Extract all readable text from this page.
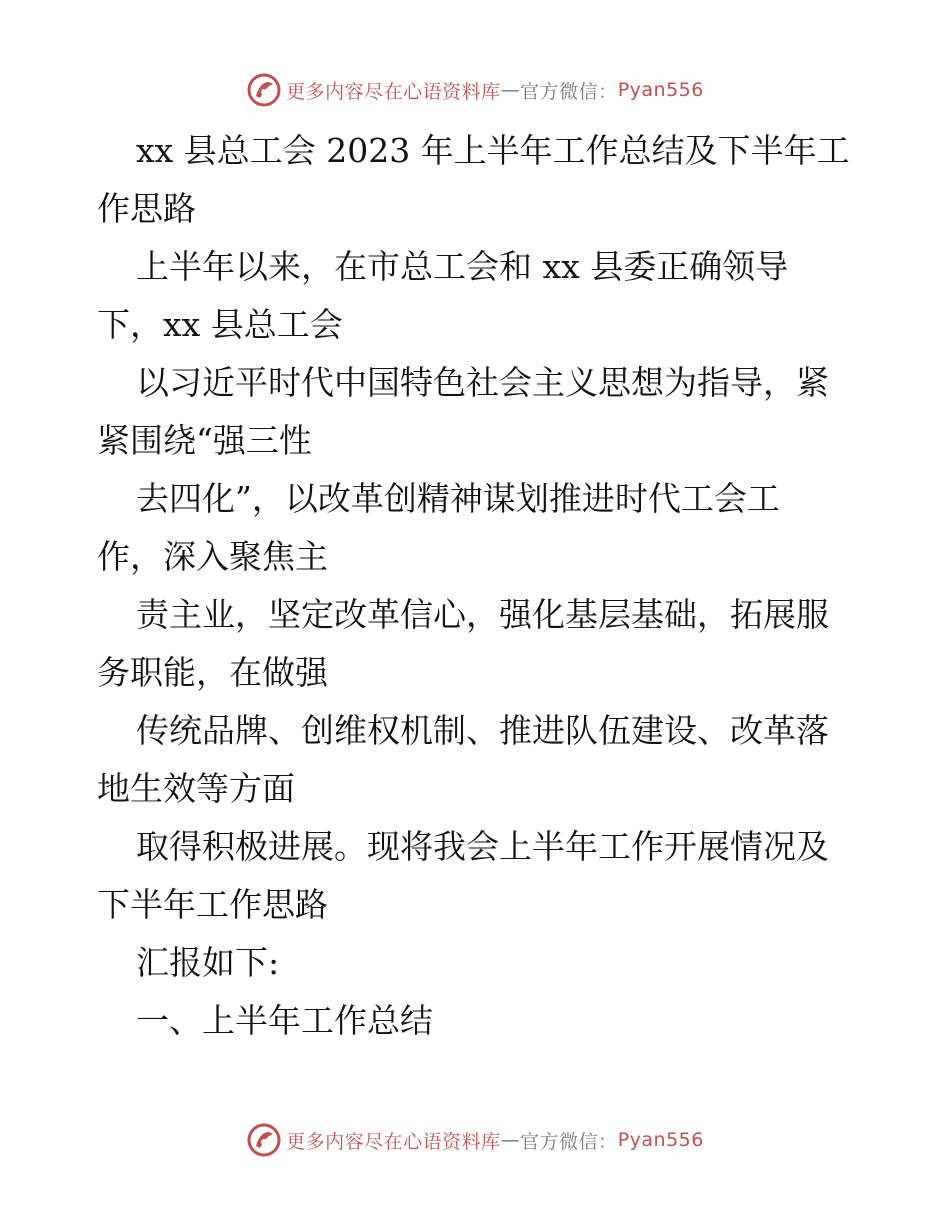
更多内容尽在心语资料库 — 官方微信： Pyan556
xx 县总工会 2023 年上半年工作总结及下半年工
作思路
上半年以来，在市总工会和 xx 县委正确领导
下，xx 县总工会
以习近平时代中国特色社会主义思想为指导，紧
紧围绕“强三性
去四化”，以改革创精神谋划推进时代工会工
作，深入聚焦主
责主业，坚定改革信心，强化基层基础，拓展服
务职能，在做强
传统品牌、创维权机制、推进队伍建设、改革落
地生效等方面
取得积极进展。现将我会上半年工作开展情况及
下半年工作思路
汇报如下:
一、上半年工作总结
更多内容尽在心语资料库 — 官方微信： Pyan556
